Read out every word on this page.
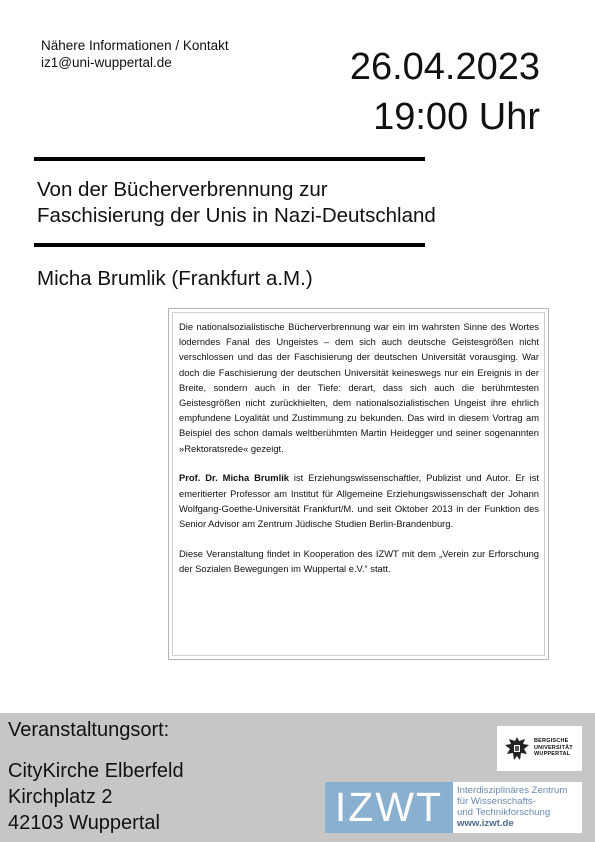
Nähere Informationen / Kontakt
iz1@uni-wuppertal.de	26.04.2023
19:00 Uhr
Von der Bücherverbrennung zur
Faschisierung der Unis in Nazi-Deutschland
Micha Brumlik (Frankfurt a.M.)

Die nationalsozialistische Bücherverbrennung war ein im wahrsten Sinne des Wortes loderndes Fanal des Ungeistes – dem sich auch deutsche Geistesgrößen nicht verschlossen und das der Faschisierung der deutschen Universität vorausging. War doch die Faschisierung der deutschen Universität keineswegs nur ein Ereignis in der Breite, sondern auch in der Tiefe: derart, dass sich auch die berühmtesten Geistesgrößen nicht zurückhielten, dem nationalsozialistischen Ungeist ihre ehrlich empfundene Loyalität und Zustimmung zu bekunden. Das wird in diesem Vortrag am Beispiel des schon damals weltberühmten Martin Heidegger und seiner sogenannten »Rektoratsrede« gezeigt.

Prof. Dr. Micha Brumlik ist Erziehungswissenschaftler, Publizist und Autor. Er ist emeritierter Professor am Institut für Allgemeine Erziehungswissenschaft der Johann Wolfgang-Goethe-Universität Frankfurt/M. und seit Oktober 2013 in der Funktion des Senior Advisor am Zentrum Jüdische Studien Berlin-Brandenburg.

Diese Veranstaltung findet in Kooperation des IZWT mit dem „Verein zur Erforschung der Sozialen Bewegungen im Wuppertal e.V.“ statt.

Veranstaltungsort:
CityKirche Elberfeld
Kirchplatz 2
42103 Wuppertal
BERGISCHE
UNIVERSITÄT
WUPPERTAL
IZWT	Interdisziplinäres Zentrum
für Wissenschafts-
und Technikforschung
www.izwt.de
